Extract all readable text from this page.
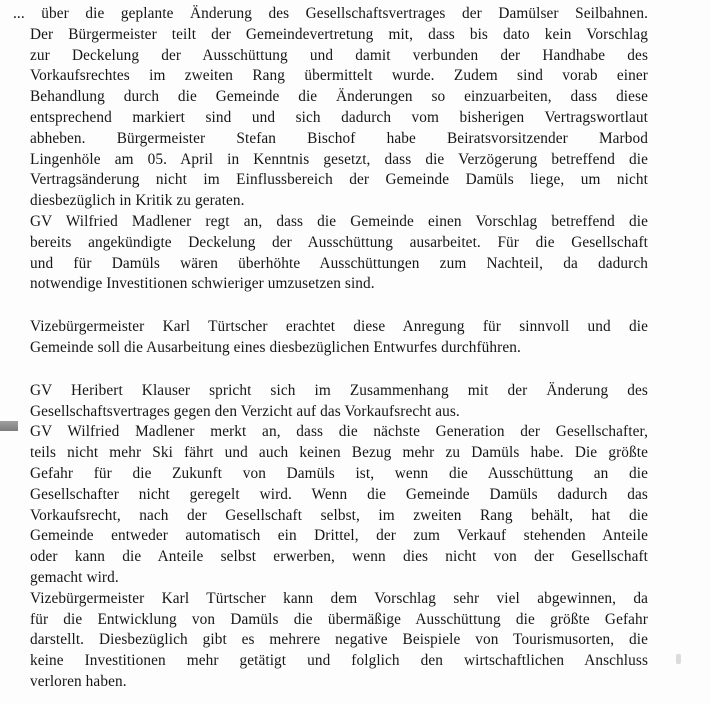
... über die geplante Änderung des Gesellschaftsvertrages der Damülser Seilbahnen.
Der Bürgermeister teilt der Gemeindevertretung mit, dass bis dato kein Vorschlag
zur Deckelung der Ausschüttung und damit verbunden der Handhabe des
Vorkaufsrechtes im zweiten Rang übermittelt wurde. Zudem sind vorab einer
Behandlung durch die Gemeinde die Änderungen so einzuarbeiten, dass diese
entsprechend markiert sind und sich dadurch vom bisherigen Vertragswortlaut
abheben. Bürgermeister Stefan Bischof habe Beiratsvorsitzender Marbod
Lingenhöle am 05. April in Kenntnis gesetzt, dass die Verzögerung betreffend die
Vertragsänderung nicht im Einflussbereich der Gemeinde Damüls liege, um nicht
diesbezüglich in Kritik zu geraten.
GV Wilfried Madlener regt an, dass die Gemeinde einen Vorschlag betreffend die
bereits angekündigte Deckelung der Ausschüttung ausarbeitet. Für die Gesellschaft
und für Damüls wären überhöhte Ausschüttungen zum Nachteil, da dadurch
notwendige Investitionen schwieriger umzusetzen sind.
Vizebürgermeister Karl Türtscher erachtet diese Anregung für sinnvoll und die
Gemeinde soll die Ausarbeitung eines diesbezüglichen Entwurfes durchführen.
GV Heribert Klauser spricht sich im Zusammenhang mit der Änderung des
Gesellschaftsvertrages gegen den Verzicht auf das Vorkaufsrecht aus.
GV Wilfried Madlener merkt an, dass die nächste Generation der Gesellschafter,
teils nicht mehr Ski fährt und auch keinen Bezug mehr zu Damüls habe. Die größte
Gefahr für die Zukunft von Damüls ist, wenn die Ausschüttung an die
Gesellschafter nicht geregelt wird. Wenn die Gemeinde Damüls dadurch das
Vorkaufsrecht, nach der Gesellschaft selbst, im zweiten Rang behält, hat die
Gemeinde entweder automatisch ein Drittel, der zum Verkauf stehenden Anteile
oder kann die Anteile selbst erwerben, wenn dies nicht von der Gesellschaft
gemacht wird.
Vizebürgermeister Karl Türtscher kann dem Vorschlag sehr viel abgewinnen, da
für die Entwicklung von Damüls die übermäßige Ausschüttung die größte Gefahr
darstellt. Diesbezüglich gibt es mehrere negative Beispiele von Tourismusorten, die
keine Investitionen mehr getätigt und folglich den wirtschaftlichen Anschluss
verloren haben.
